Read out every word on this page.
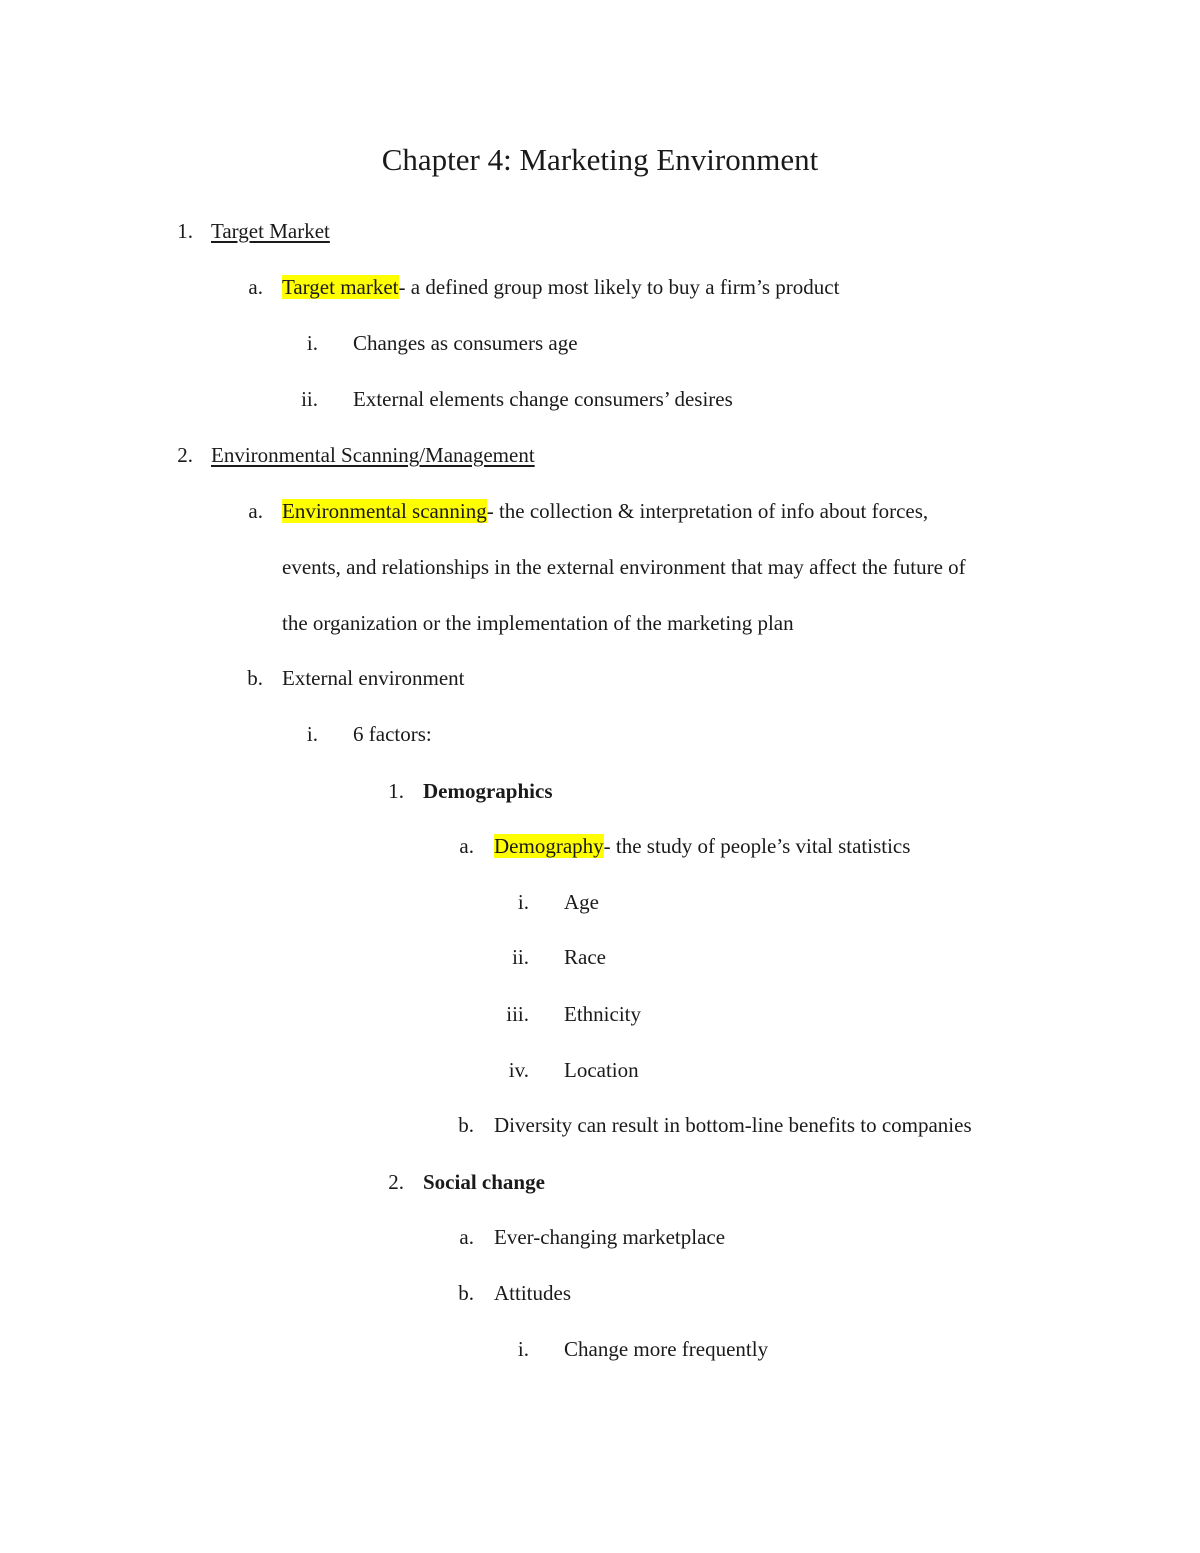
Chapter 4: Marketing Environment
1. Target Market
a. Target market- a defined group most likely to buy a firm’s product
i. Changes as consumers age
ii. External elements change consumers’ desires
2. Environmental Scanning/Management
a. Environmental scanning- the collection & interpretation of info about forces,
events, and relationships in the external environment that may affect the future of
the organization or the implementation of the marketing plan
b. External environment
i. 6 factors:
1. Demographics
a. Demography- the study of people’s vital statistics
i. Age
ii. Race
iii. Ethnicity
iv. Location
b. Diversity can result in bottom-line benefits to companies
2. Social change
a. Ever-changing marketplace
b. Attitudes
i. Change more frequently
